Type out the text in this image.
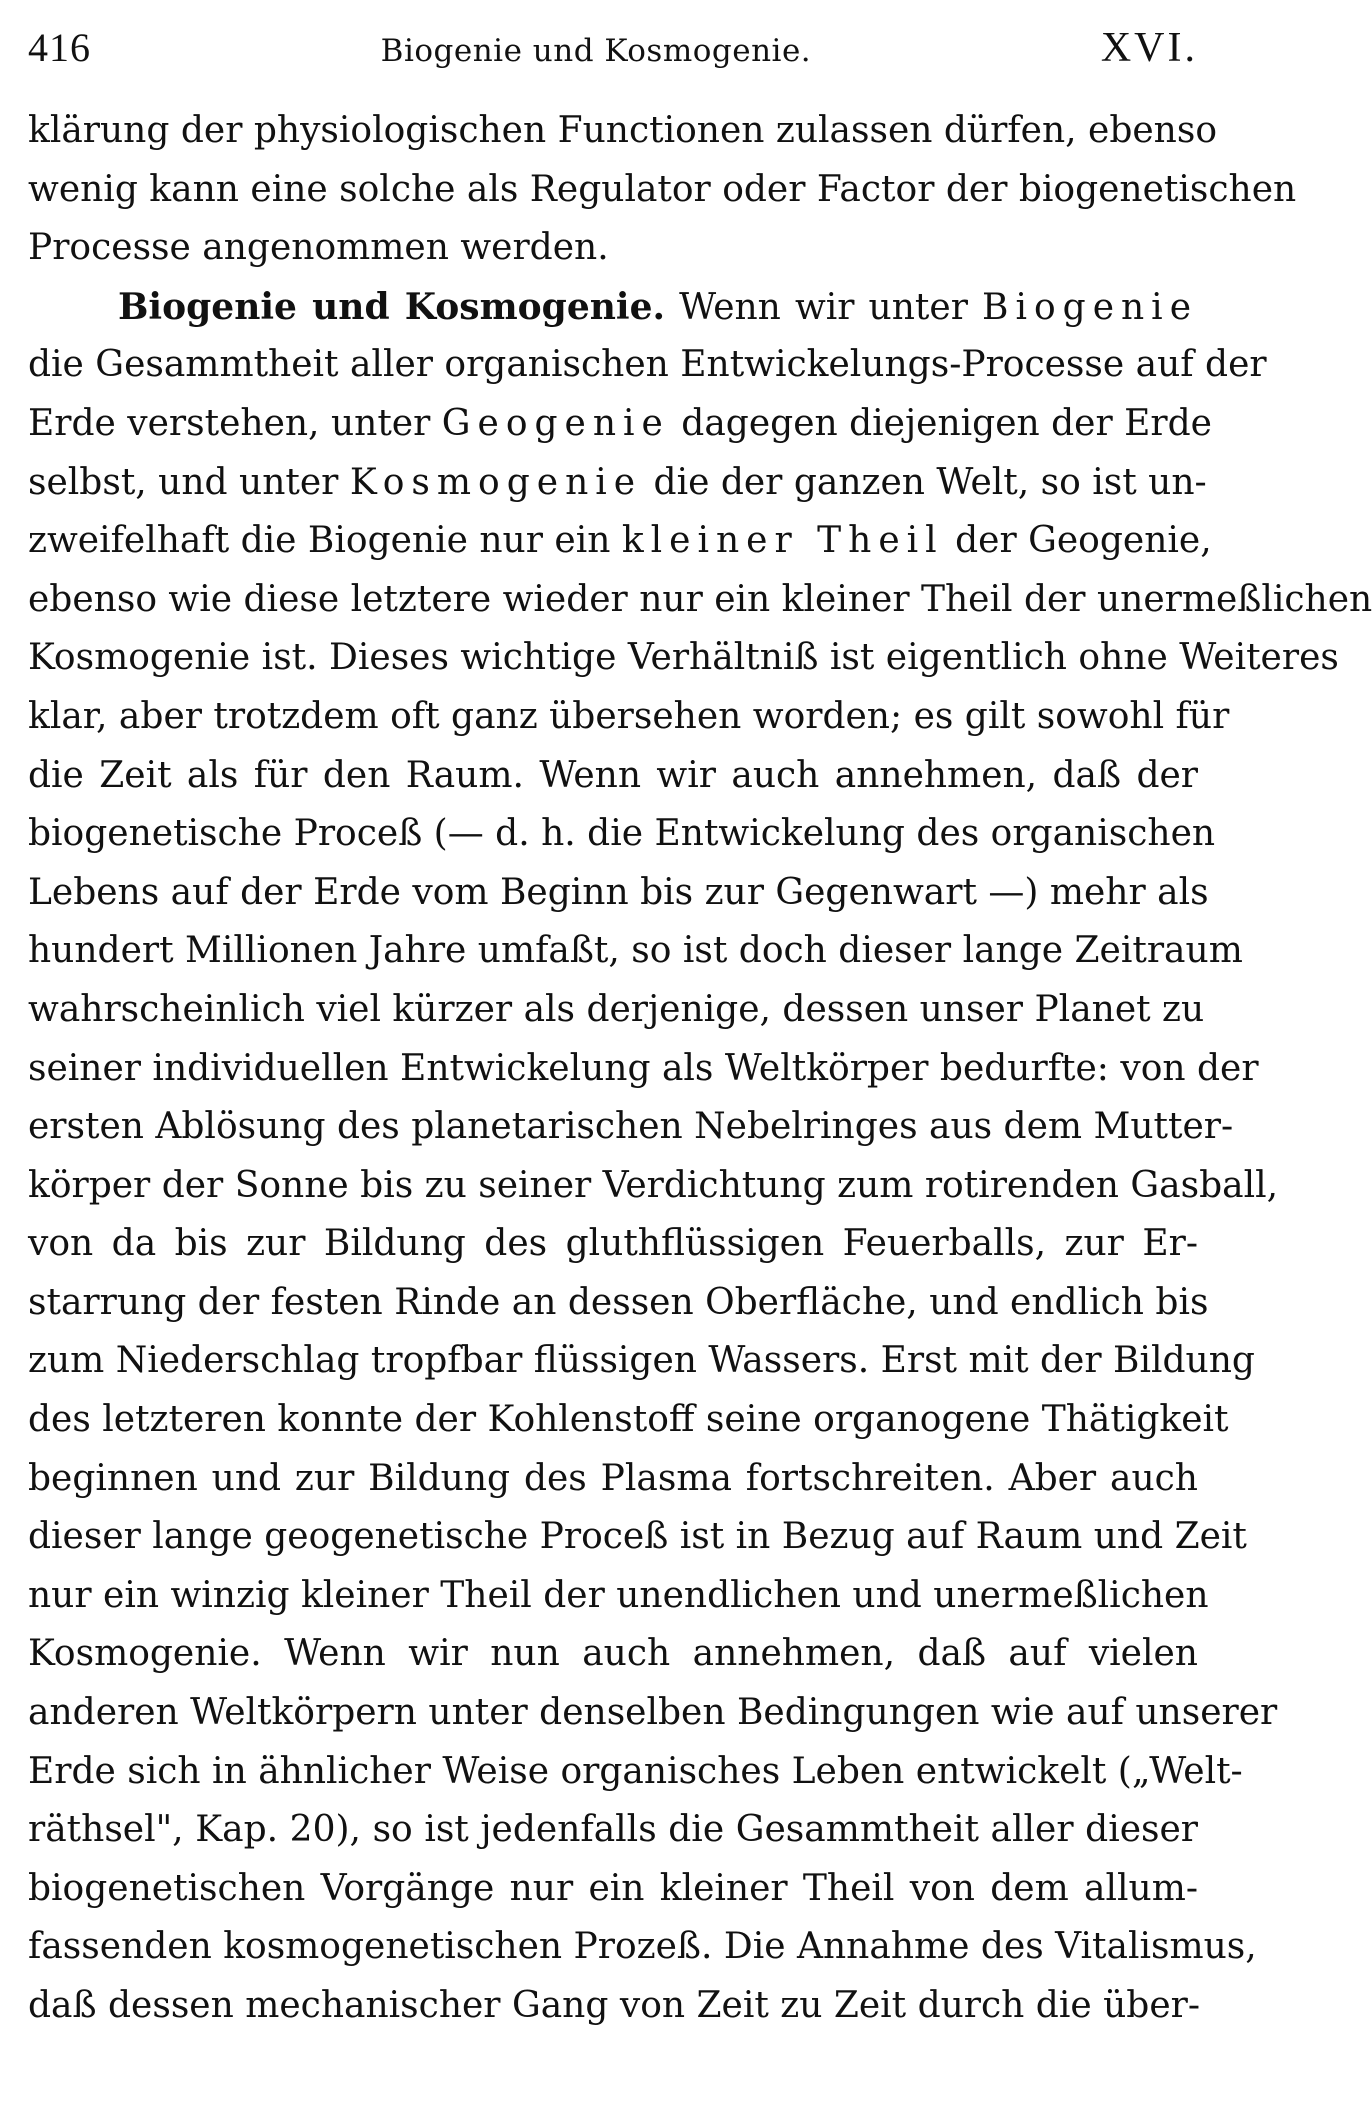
416	Biogenie und Kosmogenie.	XVI.
klärung der physiologischen Functionen zulassen dürfen, ebenso
wenig kann eine solche als Regulator oder Factor der biogenetischen
Processe angenommen werden.
Biogenie und Kosmogenie. Wenn wir unter Biogenie
die Gesammtheit aller organischen Entwickelungs-Processe auf der
Erde verstehen, unter Geogenie dagegen diejenigen der Erde
selbst, und unter Kosmogenie die der ganzen Welt, so ist un-
zweifelhaft die Biogenie nur ein kleiner Theil der Geogenie,
ebenso wie diese letztere wieder nur ein kleiner Theil der unermeßlichen
Kosmogenie ist. Dieses wichtige Verhältniß ist eigentlich ohne Weiteres
klar, aber trotzdem oft ganz übersehen worden; es gilt sowohl für
die Zeit als für den Raum. Wenn wir auch annehmen, daß der
biogenetische Proceß (— d. h. die Entwickelung des organischen
Lebens auf der Erde vom Beginn bis zur Gegenwart —) mehr als
hundert Millionen Jahre umfaßt, so ist doch dieser lange Zeitraum
wahrscheinlich viel kürzer als derjenige, dessen unser Planet zu
seiner individuellen Entwickelung als Weltkörper bedurfte: von der
ersten Ablösung des planetarischen Nebelringes aus dem Mutter-
körper der Sonne bis zu seiner Verdichtung zum rotirenden Gasball,
von da bis zur Bildung des gluthflüssigen Feuerballs, zur Er-
starrung der festen Rinde an dessen Oberfläche, und endlich bis
zum Niederschlag tropfbar flüssigen Wassers. Erst mit der Bildung
des letzteren konnte der Kohlenstoff seine organogene Thätigkeit
beginnen und zur Bildung des Plasma fortschreiten. Aber auch
dieser lange geogenetische Proceß ist in Bezug auf Raum und Zeit
nur ein winzig kleiner Theil der unendlichen und unermeßlichen
Kosmogenie. Wenn wir nun auch annehmen, daß auf vielen
anderen Weltkörpern unter denselben Bedingungen wie auf unserer
Erde sich in ähnlicher Weise organisches Leben entwickelt („Welt-
räthsel", Kap. 20), so ist jedenfalls die Gesammtheit aller dieser
biogenetischen Vorgänge nur ein kleiner Theil von dem allum-
fassenden kosmogenetischen Prozeß. Die Annahme des Vitalismus,
daß dessen mechanischer Gang von Zeit zu Zeit durch die über-
